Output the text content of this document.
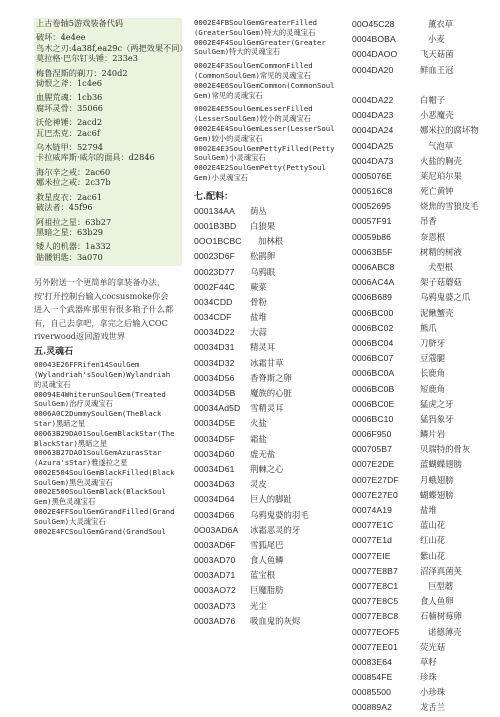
上古卷轴5游戏装备代码
破坏：4e4ee
鸟木之刃:4a38f,ea29c（两把效果不同）
莫拉格·巴尔钉头锤：233e3
梅鲁涅斯的剃刀：240d2
恸恨之斧：1c4e6
血腥荒魂：1cb36
腐坏灵骨：35066
沃伦神锤：2acd2
瓦巴杰克：2ac6f
乌木链甲：52794
卡拉威库斯·威尔的面具：d2846
海尔辛之戒：2ac60
娜米拉之戒：2c37b
救星皮衣：2ac61
破法者：45f96
阿祖拉之星：63b27
黑暗之星：63b29
矮人的机器：1a332
骷髅钥匙：3a070
另外附送一个更简单的拿装备办法，
按'打开控制台输入cocsusmoke你会
进入一个武器库那里有很多箱子什么都
有，自己去拿吧，拿完之后输入COC
riverwood返回游戏世界
五.灵魂石
00043E26FFRifen14SoulGem
(Wylandriah'sSoulGem)Wylandriah
的灵魂宝石
00094E4WhiterunSoulGem(Treated
SoulGem)治疗灵魂宝石
0006A0C2DummySoulGem(TheBlack
Star)黑暗之星
00063B29DA01SoulGemBlackStar(The
BlackStar)黑暗之星
00063B27DA01SoulGemAzurasStar
(Azura'sStar)雅遂拉之星
0002E504SoulGemBlackFilled(Black
SoulGem)黑色灵魂宝石
0002E500SoulGemBlack(BlackSoul
Gem)黑色灵魂宝石
0002E4FFSoulGemGrandFilled(Grand
SoulGem)大灵魂宝石
0002E4FCSoulGemGrand(GrandSoul
0002E4FBSoulGemGreaterFilled
(GreaterSoulGem)特大的灵魂宝石
0002E4F4SoulGemGreater(Greater
SoulGem)特大的灵魂宝石
0002E4F3SoulGemCommonFilled
(CommonSoulGem)常见的灵魂宝石
0002E4E6SoulGemCommon(CommonSoul
Gem)常见的灵魂宝石
0002E4E5SoulGemLesserFilled
(LesserSoulGem)较小的灵魂宝石
0002E4E4SoulGemLesser(LesserSoul
Gem)较小的灵魂宝石
0002E4E3SoulGemPettyFilled(Petty
SoulGem)小灵魂宝石
0002E4E2SoulGemPetty(PettySoul
Gem)小灵魂宝石
七.配料：
000134AA	荫丛
0001B3BD	白狼果
0OO1BCBC	加林根
00023D6F	松鹃卵
00023D77	乌鸦眼
0002F44C	蕨菜
0034CDD	骨粉
0034CDF	盐堆
00034D22	大蒜
00034D31	精灵耳
00034D32	冰霜甘草
00034D56	香脊斯之卵
00034D5B	魔族的心脏
00034Ad5D	雪精灵耳
00034D5E	火盐
00034D5F	霜盐
00034D60	虚无盐
00034D61	荆棘之心
00034D63	灵皮
00034D64	巨人的脚趾
00034D66	乌鸦鬼婆的羽毛
0O03AD6A	冰霜恶灵的牙
0003AD6F	雪狐尾巴
0003AD70	食人鱼鳞
0003AD71	蓝宝根
0003AO72	巨魔脂肪
0003AD73	光尘
0003AD76	吸血鬼的灰烬
00O45C28	薰衣草
0004BOBA	小麦
0004DAOO	飞天菇菌
0004DA20	鲜血王冠
0004DA22	白帽子
0004DA23	小恶魔壳
0004DA24	娜米拉的腐坏物
0004DA25	气泡草
0004DA73	火盐的胸壳
0005076E	莱尼珀尔果
000516C8	死亡黄钟
00052695	烧焦的雪狼皮毛
00057F91	吊香
00059b86	奈恩根
00063B5F	树精的树液
0006ABC8	犬型根
0006AC4A	架子菇蘑菇
0006B689	乌鸦鬼婆之爪
0006BC00	泥鳅蟹壳
0006BC02	熊爪
0006BC04	刀脐牙
0006BC07	豆蔻腿
0006BC0A	长鹿角
0006BC0B	短鹿角
0006BC0E	猛虎之牙
0006BC10	猛犸象牙
0006F950	鳞片岩
000705B7	贝瑞特的骨灰
0007E2DE	蓝蝴蝶翅膀
0007E27DF	月蛾翅膀
0007E27E0	蝴蝶翅膀
00074A19	盐堆
00077E1C	蓝山花
00077E1d	红山花
00077EIE	紫山花
00077E8B7	沼泽真菌荚
00077E8C1	巨型蘑
00077E8C5	食人鱼卵
00077E8C8	石楠树莓卵
00077EOF5	诺德薄壳
00077EE01	荧光菇
00083E64	草籽
000854FE	珍珠
00085500	小珍珠
000889A2	龙舌兰
